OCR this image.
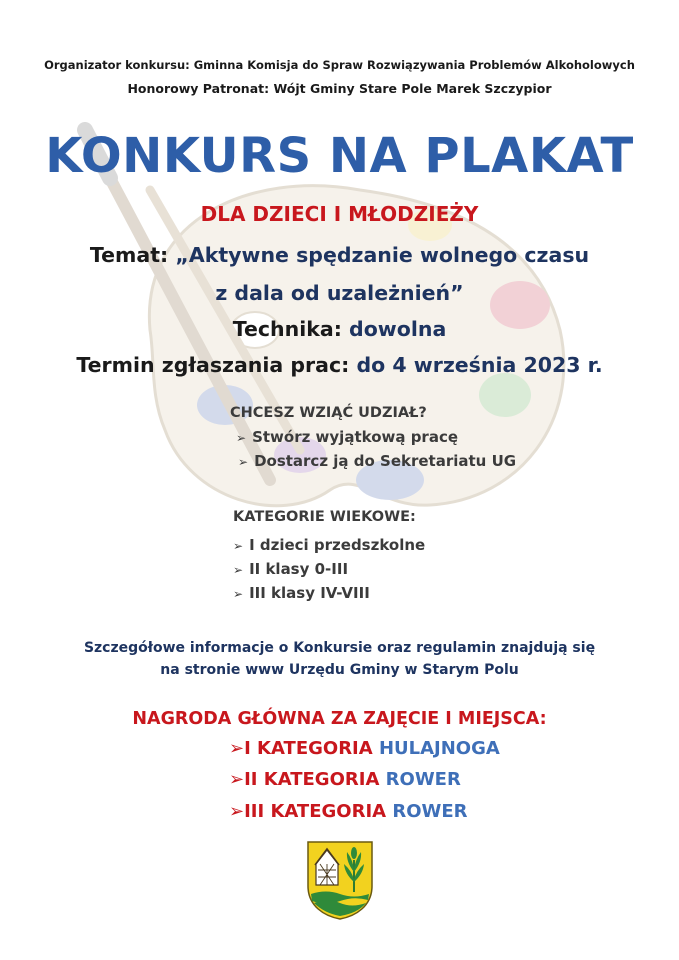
Organizator konkursu: Gminna Komisja do Spraw Rozwiązywania Problemów Alkoholowych
Honorowy Patronat: Wójt Gminy Stare Pole Marek Szczypior
KONKURS NA PLAKAT
DLA DZIECI I MŁODZIEŻY
Temat: „Aktywne spędzanie wolnego czasu
z dala od uzależnień”
Technika: dowolna
Termin zgłaszania prac: do 4 września 2023 r.
CHCESZ WZIĄĆ UDZIAŁ?
➢ Stwórz wyjątkową pracę
➢ Dostarcz ją do Sekretariatu UG
KATEGORIE WIEKOWE:
➢ I dzieci przedszkolne
➢ II klasy 0-III
➢ III klasy IV-VIII
Szczegółowe informacje o Konkursie oraz regulamin znajdują się
na stronie www Urzędu Gminy w Starym Polu
NAGRODA GŁÓWNA ZA ZAJĘCIE I MIEJSCA:
➢I KATEGORIA HULAJNOGA
➢II KATEGORIA ROWER
➢III KATEGORIA ROWER
